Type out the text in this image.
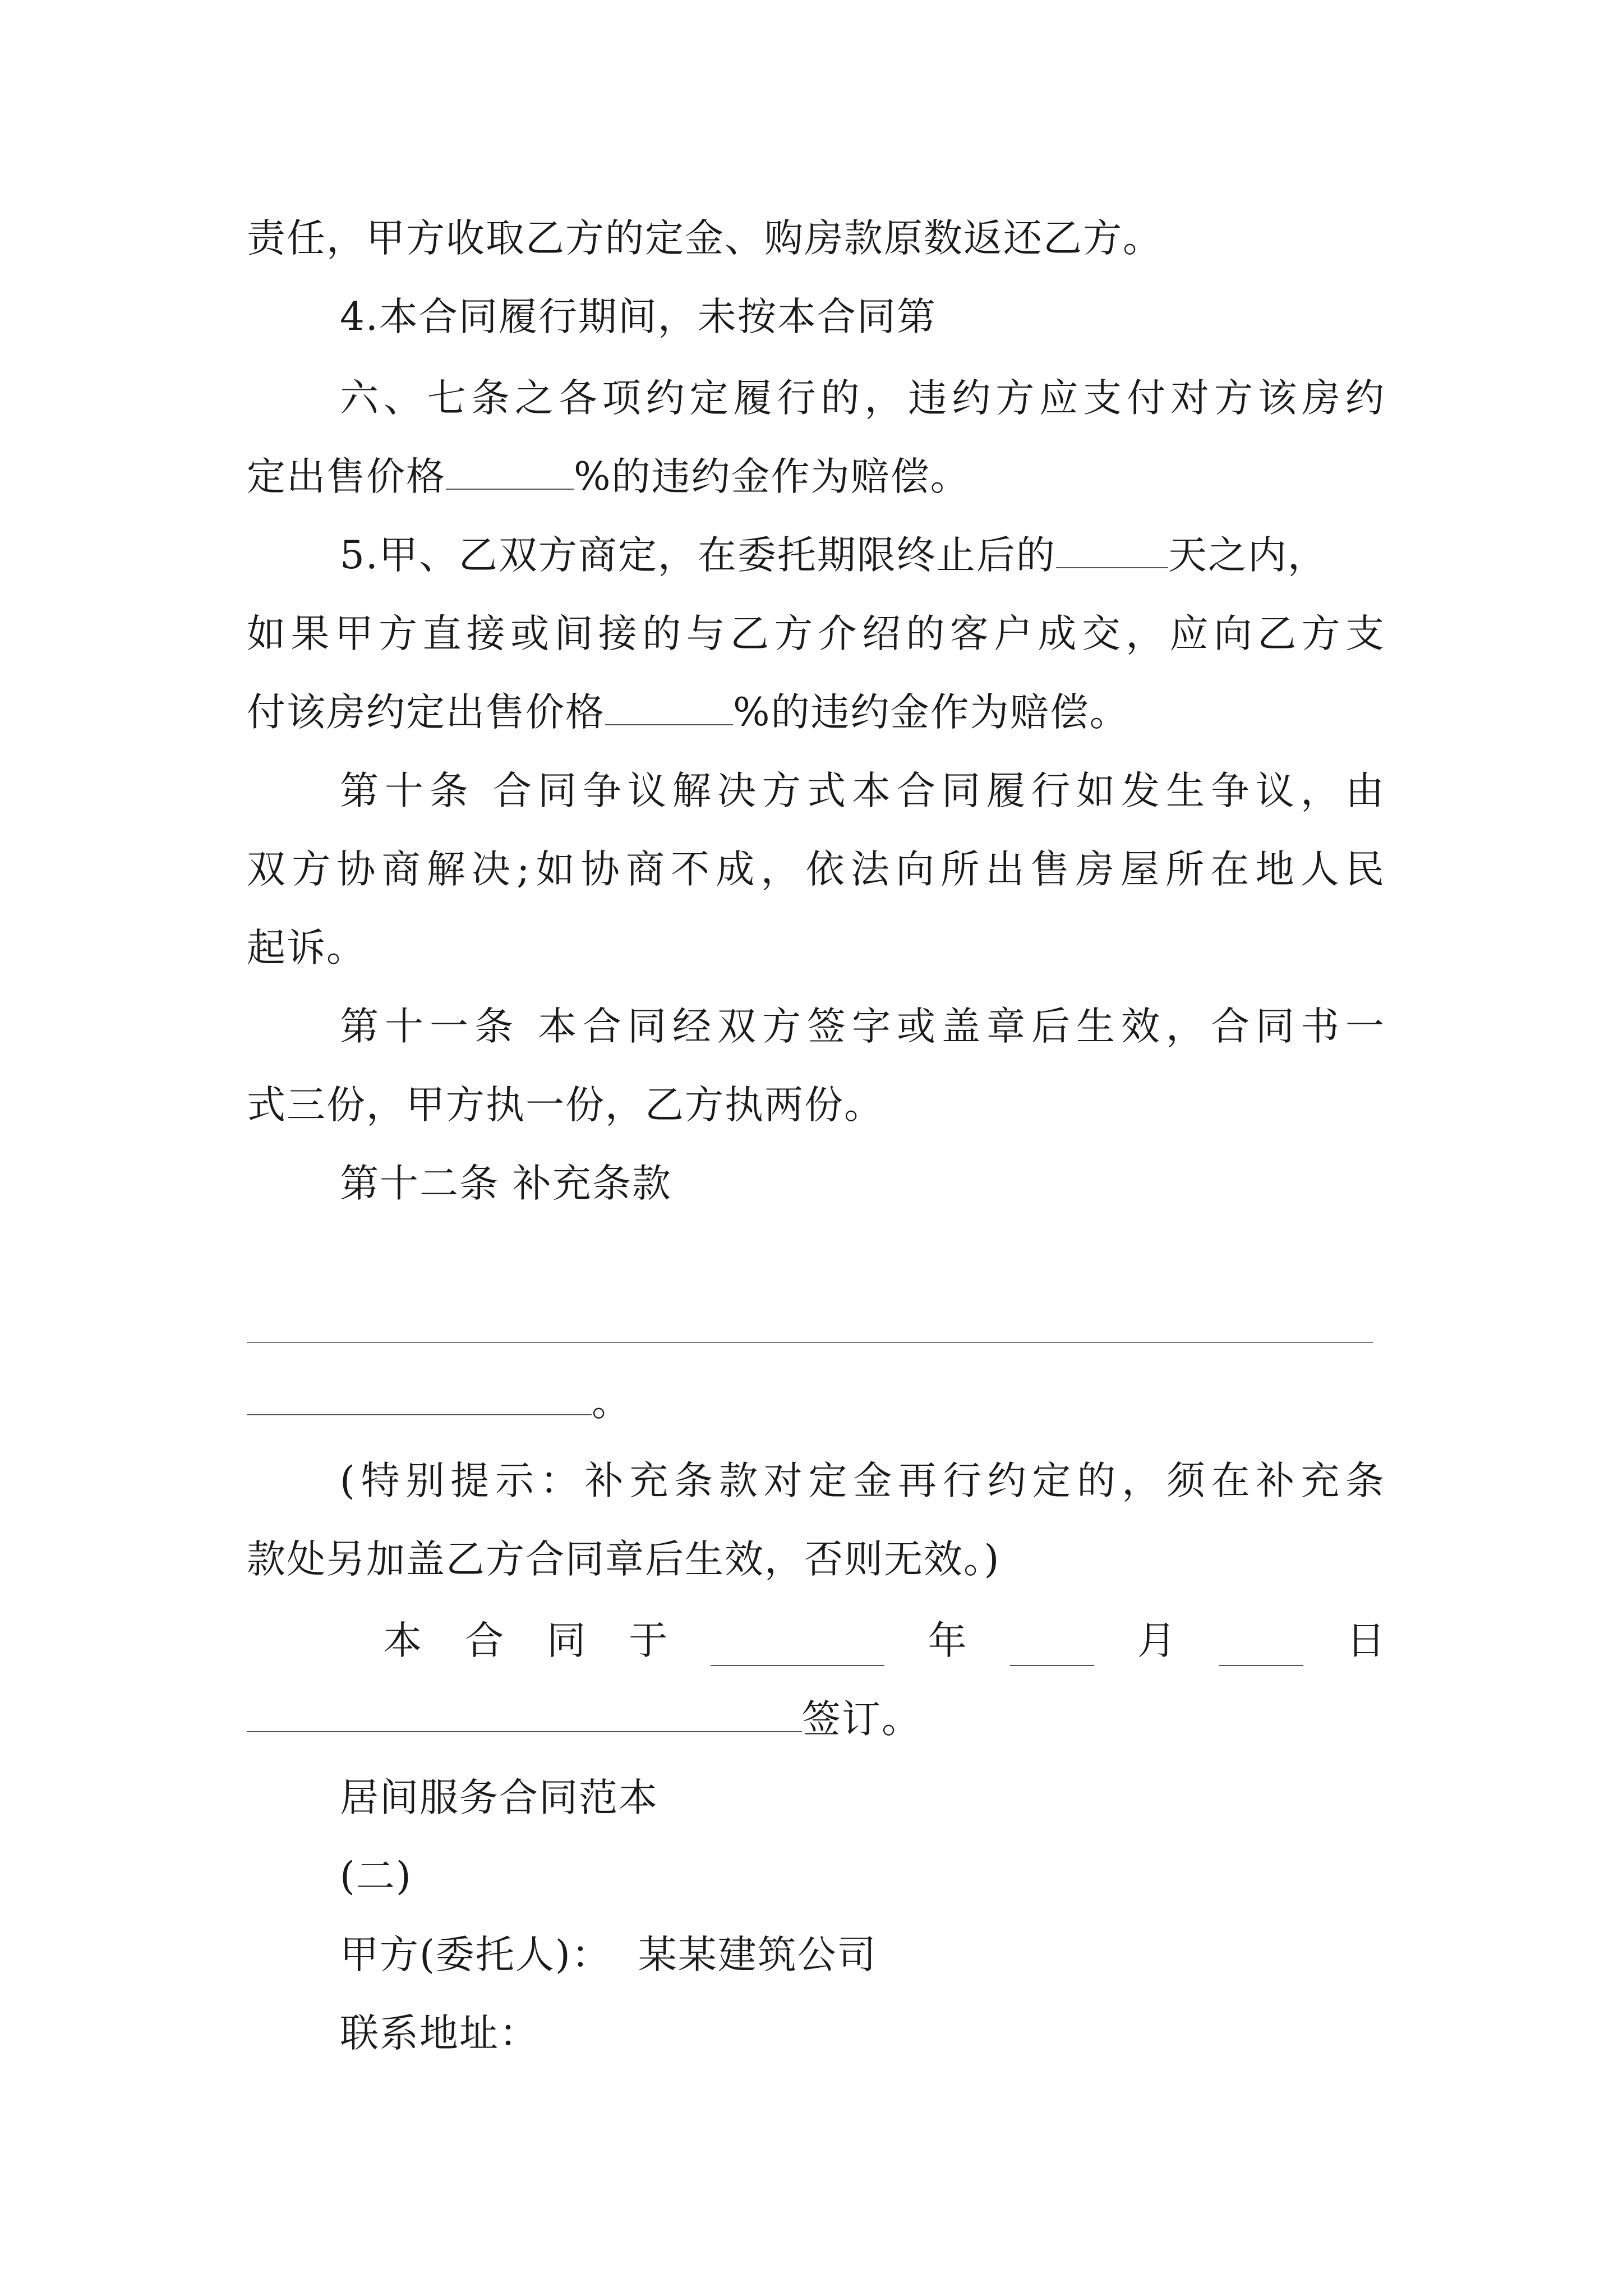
责任，甲方收取乙方的定金、购房款原数返还乙方。
4.本合同履行期间，未按本合同第
六、七条之各项约定履行的，违约方应支付对方该房约
定出售价格	%的违约金作为赔偿。
5.甲、乙双方商定，在委托期限终止后的	天之内，
如果甲方直接或间接的与乙方介绍的客户成交，应向乙方支
付该房约定出售价格	%的违约金作为赔偿。
第十条 合同争议解决方式本合同履行如发生争议，由
双方协商解决;如协商不成，依法向所出售房屋所在地人民
起诉。
第十一条 本合同经双方签字或盖章后生效，合同书一
式三份，甲方执一份，乙方执两份。
第十二条 补充条款
。
(特别提示：补充条款对定金再行约定的，须在补充条
款处另加盖乙方合同章后生效，否则无效。)
本 合 同 于	年	月	日
签订。
居间服务合同范本
(二)
甲方(委托人)：  某某建筑公司
联系地址：
